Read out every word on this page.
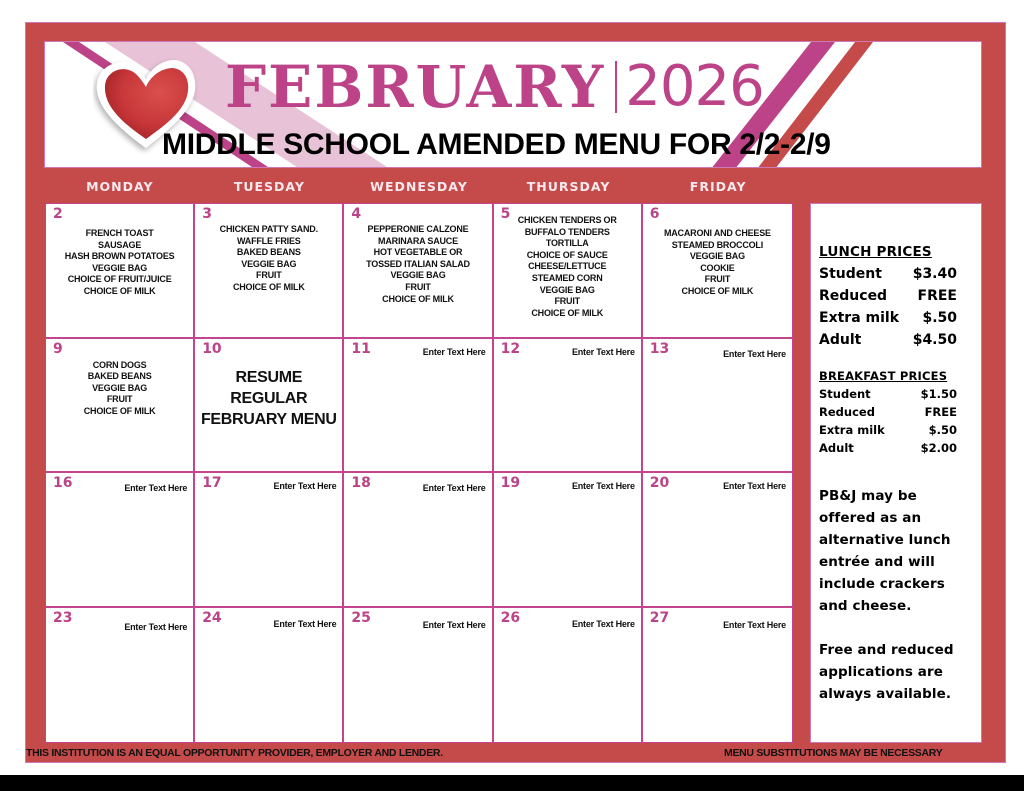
FEBRUARY 2026
MIDDLE SCHOOL AMENDED MENU FOR 2/2-2/9
MONDAY	TUESDAY	WEDNESDAY	THURSDAY	FRIDAY
2
FRENCH TOAST
SAUSAGE
HASH BROWN POTATOES
VEGGIE BAG
CHOICE OF FRUIT/JUICE
CHOICE OF MILK
3
CHICKEN PATTY SAND.
WAFFLE FRIES
BAKED BEANS
VEGGIE BAG
FRUIT
CHOICE OF MILK
4
PEPPERONIE CALZONE
MARINARA SAUCE
HOT VEGETABLE OR
TOSSED ITALIAN SALAD
VEGGIE BAG
FRUIT
CHOICE OF MILK
5 CHICKEN TENDERS OR
BUFFALO TENDERS
TORTILLA
CHOICE OF SAUCE
CHEESE/LETTUCE
STEAMED CORN
VEGGIE BAG
FRUIT
CHOICE OF MILK
6
MACARONI AND CHEESE
STEAMED BROCCOLI
VEGGIE BAG
COOKIE
FRUIT
CHOICE OF MILK
9
CORN DOGS
BAKED BEANS
VEGGIE BAG
FRUIT
CHOICE OF MILK
10
RESUME
REGULAR
FEBRUARY MENU
11	Enter Text Here 12	Enter Text Here 13	Enter Text Here
16	Enter Text Here 17	Enter Text Here 18	Enter Text Here 19	Enter Text Here 20	Enter Text Here
23
Enter Text Here
24	Enter Text Here 25	Enter Text Here 26	Enter Text Here 27	Enter Text Here
LUNCH PRICES
Student $3.40
Reduced FREE
Extra milk $.50
Adult	$4.50
BREAKFAST PRICES
Student	$1.50
Reduced	FREE
Extra milk	$.50
Adult	$2.00

PB&J may be offered as an alternative lunch entrée and will include crackers and cheese.

Free and reduced applications are always available.

THIS INSTITUTION IS AN EQUAL OPPORTUNITY PROVIDER, EMPLOYER AND LENDER.	MENU SUBSTITUTIONS MAY BE NECESSARY
